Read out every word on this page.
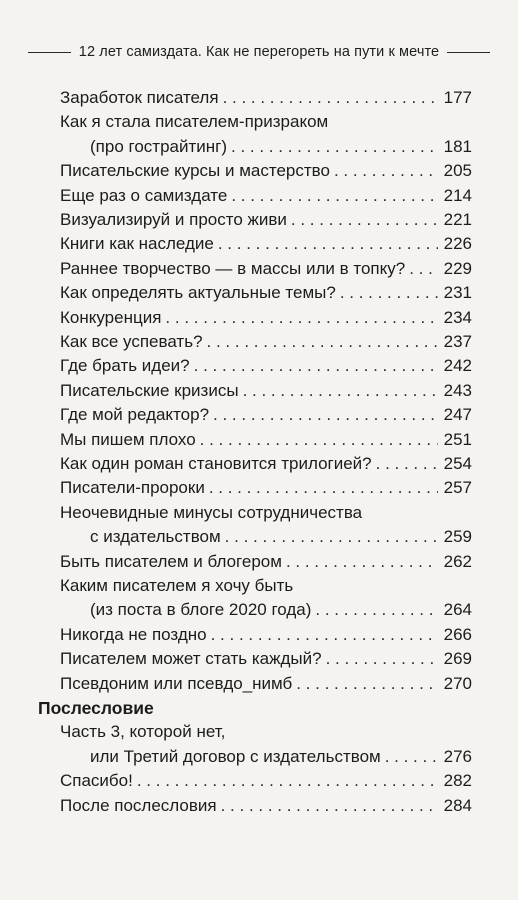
12 лет самиздата. Как не перегореть на пути к мечте
Заработок писателя . . .	177
Как я стала писателем-призраком
(про гострайтинг) . . .	181
Писательские курсы и мастерство . . .	205
Еще раз о самиздате . . .	214
Визуализируй и просто живи . . .	221
Книги как наследие . . .	226
Раннее творчество — в массы или в топку? . . . 229
Как определять актуальные темы? . . .	231
Конкуренция . . .	234
Как все успевать? . . .	237
Где брать идеи? . . .	242
Писательские кризисы . . .	243
Где мой редактор? . . .	247
Мы пишем плохо . . .	251
Как один роман становится трилогией? . . .	254
Писатели-пророки . . .	257
Неочевидные минусы сотрудничества
с издательством . . .	259
Быть писателем и блогером . . .	262
Каким писателем я хочу быть
(из поста в блоге 2020 года) . . .	264
Никогда не поздно . . .	266
Писателем может стать каждый? . . .	269
Псевдоним или псевдо_нимб . . .	270
Послесловие
Часть 3, которой нет,
или Третий договор с издательством . . .	276
Спасибо! . . .	282
После послесловия . . .	284
